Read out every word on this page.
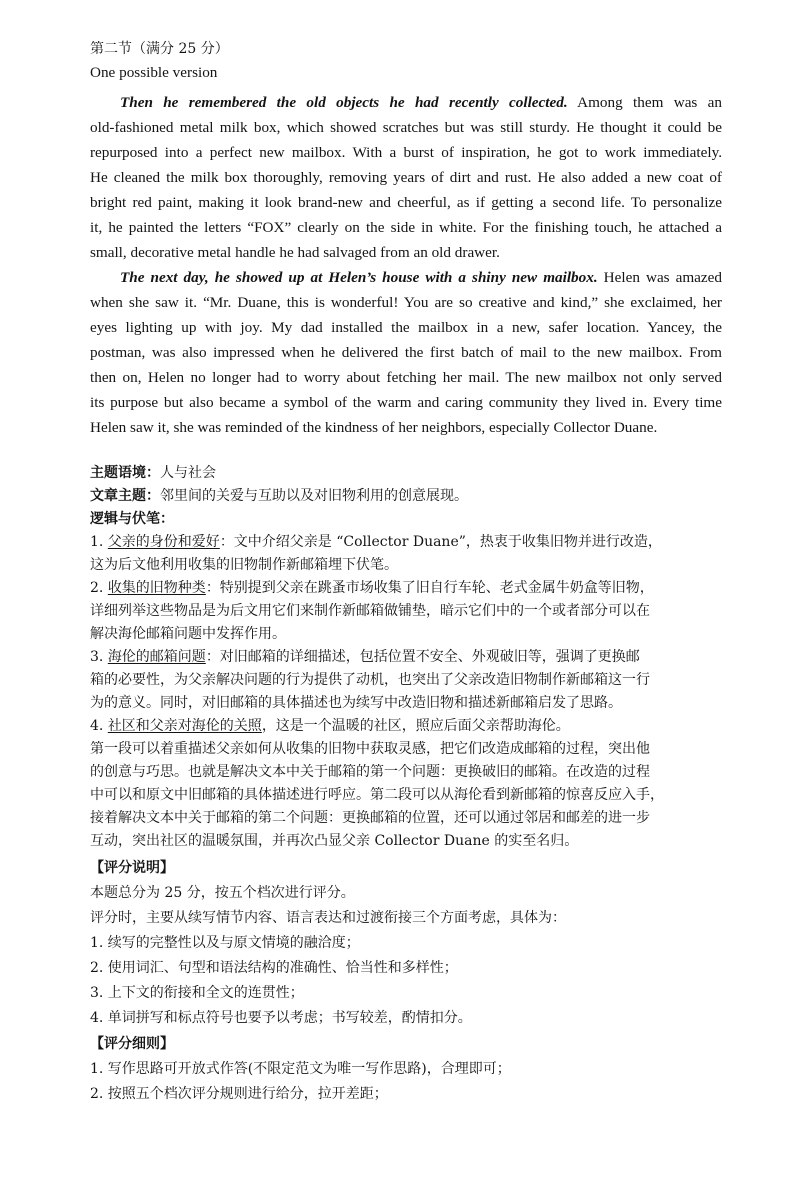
第二节（满分 25 分）
One possible version
Then he remembered the old objects he had recently collected. Among them was an
old-fashioned metal milk box, which showed scratches but was still sturdy. He thought it could be
repurposed into a perfect new mailbox. With a burst of inspiration, he got to work immediately.
He cleaned the milk box thoroughly, removing years of dirt and rust. He also added a new coat of
bright red paint, making it look brand-new and cheerful, as if getting a second life. To personalize
it, he painted the letters “FOX” clearly on the side in white. For the finishing touch, he attached a
small, decorative metal handle he had salvaged from an old drawer.
The next day, he showed up at Helen’s house with a shiny new mailbox. Helen was amazed
when she saw it. “Mr. Duane, this is wonderful! You are so creative and kind,” she exclaimed, her
eyes lighting up with joy. My dad installed the mailbox in a new, safer location. Yancey, the
postman, was also impressed when he delivered the first batch of mail to the new mailbox. From
then on, Helen no longer had to worry about fetching her mail. The new mailbox not only served
its purpose but also became a symbol of the warm and caring community they lived in. Every time
Helen saw it, she was reminded of the kindness of her neighbors, especially Collector Duane.
主题语境：人与社会
文章主题：邻里间的关爱与互助以及对旧物利用的创意展现。
逻辑与伏笔：
1. 父亲的身份和爱好：文中介绍父亲是 “Collector Duane”，热衷于收集旧物并进行改造，
这为后文他利用收集的旧物制作新邮箱埋下伏笔。
2. 收集的旧物种类：特别提到父亲在跳蚤市场收集了旧自行车轮、老式金属牛奶盒等旧物，
详细列举这些物品是为后文用它们来制作新邮箱做铺垫，暗示它们中的一个或者部分可以在
解决海伦邮箱问题中发挥作用。
3. 海伦的邮箱问题：对旧邮箱的详细描述，包括位置不安全、外观破旧等，强调了更换邮
箱的必要性，为父亲解决问题的行为提供了动机，也突出了父亲改造旧物制作新邮箱这一行
为的意义。同时，对旧邮箱的具体描述也为续写中改造旧物和描述新邮箱启发了思路。
4. 社区和父亲对海伦的关照，这是一个温暖的社区，照应后面父亲帮助海伦。
第一段可以着重描述父亲如何从收集的旧物中获取灵感，把它们改造成邮箱的过程，突出他
的创意与巧思。也就是解决文本中关于邮箱的第一个问题：更换破旧的邮箱。在改造的过程
中可以和原文中旧邮箱的具体描述进行呼应。第二段可以从海伦看到新邮箱的惊喜反应入手，
接着解决文本中关于邮箱的第二个问题：更换邮箱的位置，还可以通过邻居和邮差的进一步
互动，突出社区的温暖氛围，并再次凸显父亲 Collector Duane 的实至名归。
【评分说明】
本题总分为 25 分，按五个档次进行评分。
评分时，主要从续写情节内容、语言表达和过渡衔接三个方面考虑，具体为：
1. 续写的完整性以及与原文情境的融洽度；
2. 使用词汇、句型和语法结构的准确性、恰当性和多样性；
3. 上下文的衔接和全文的连贯性；
4. 单词拼写和标点符号也要予以考虑；书写较差，酌情扣分。
【评分细则】
1. 写作思路可开放式作答(不限定范文为唯一写作思路)，合理即可；
2. 按照五个档次评分规则进行给分，拉开差距；
